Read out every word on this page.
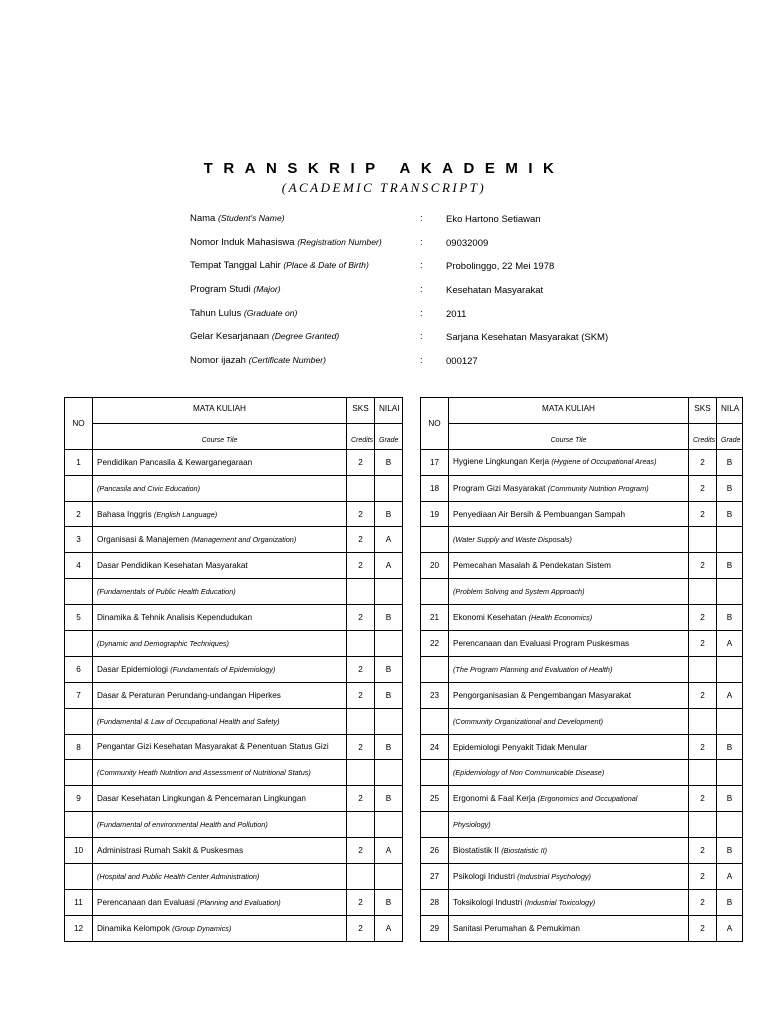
TRANSKRIP AKADEMIK
(ACADEMIC TRANSCRIPT)
Nama (Student's Name)	: Eko Hartono Setiawan
Nomor Induk Mahasiswa (Registration Number)	: 09032009
Tempat Tanggal Lahir (Place & Date of Birth)	: Probolinggo, 22 Mei 1978
Program Studi (Major)	: Kesehatan Masyarakat
Tahun Lulus (Graduate on)	: 2011
Gelar Kesarjanaan (Degree Granted)	: Sarjana Kesehatan Masyarakat (SKM)
Nomor ijazah (Certificate Number)	: 000127
NO	MATA KULIAH	SKS	NILAI
	Course Tile	Credits	Grade
1	Pendidikan Pancasila & Kewarganegaraan	2	B
	(Pancasila and Civic Education)		
2	Bahasa Inggris (English Language)	2	B
3	Organisasi & Manajemen (Management and Organization)	2	A
4	Dasar Pendidikan Kesehatan Masyarakat	2	A
	(Fundamentals of Public Health Education)		
5	Dinamika & Tehnik Analisis Kependudukan	2	B
	(Dynamic and Demographic Techniques)		
6	Dasar Epidemiologi (Fundamentals of Epidemiology)	2	B
7	Dasar & Peraturan Perundang-undangan Hiperkes	2	B
	(Fundamental & Law of Occupational Health and Safety)		
8	Pengantar Gizi Kesehatan Masyarakat & Penentuan Status Gizi	2	B
	(Community Heath Nutrition and Assessment of Nutritional Status)		
9	Dasar Kesehatan Lingkungan & Pencemaran Lingkungan	2	B
	(Fundamental of environmental Health and Pollution)		
10	Administrasi Rumah Sakit & Puskesmas	2	A
	(Hospital and Public Health Center Administration)		
11	Perencanaan dan Evaluasi (Planning and Evaluation)	2	B
12	Dinamika Kelompok (Group Dynamics)	2	A
NO	MATA KULIAH	SKS	NILA
	Course Tile	Credits	Grade
17	Hygiene Lingkungan Kerja (Hygiene of Occupational Areas)	2	B
18	Program Gizi Masyarakat (Community Nutrition Program)	2	B
19	Penyediaan Air Bersih & Pembuangan Sampah	2	B
	(Water Supply and Waste Disposals)		
20	Pemecahan Masalah & Pendekatan Sistem	2	B
	(Problem Solving and System Approach)		
21	Ekonomi Kesehatan (Health Economics)	2	B
22	Perencanaan dan Evaluasi Program Puskesmas	2	A
	(The Program Planning and Evaluation of Health)		
23	Pengorganisasian & Pengembangan Masyarakat	2	A
	(Community Organizational and Development)		
24	Epidemiologi Penyakit Tidak Menular	2	B
	(Epidemiology of Non Communicable Disease)		
25	Ergonomi & Faal Kerja (Ergonomics and Occupational	2	B
	Physiology)		
26	Biostatistik II (Biostatistic II)	2	B
27	Psikologi Industri (Industrial Psychology)	2	A
28	Toksikologi Industri (Industrial Toxicology)	2	B
29	Sanitasi Perumahan & Pemukiman	2	A
